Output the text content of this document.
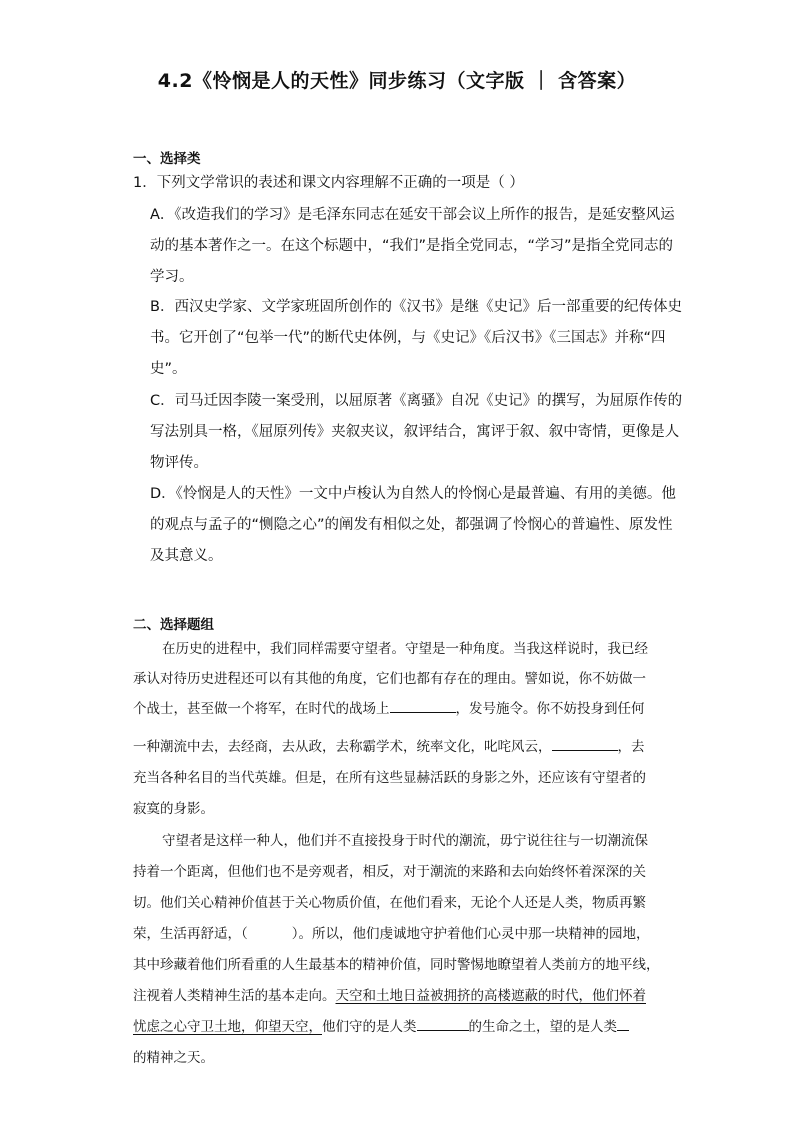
4.2《怜悯是人的天性》同步练习（文字版 ｜ 含答案）
一、选择类
1．下列文学常识的表述和课文内容理解不正确的一项是（ ）
A．《改造我们的学习》是毛泽东同志在延安干部会议上所作的报告，是延安整风运
动的基本著作之一。在这个标题中，“我们”是指全党同志，“学习”是指全党同志的
学习。
B．西汉史学家、文学家班固所创作的《汉书》是继《史记》后一部重要的纪传体史
书。它开创了“包举一代”的断代史体例，与《史记》《后汉书》《三国志》并称“四
史”。
C．司马迁因李陵一案受刑，以屈原著《离骚》自况《史记》的撰写，为屈原作传的
写法别具一格，《屈原列传》夹叙夹议，叙评结合，寓评于叙、叙中寄情，更像是人
物评传。
D．《怜悯是人的天性》一文中卢梭认为自然人的怜悯心是最普遍、有用的美德。他
的观点与孟子的“恻隐之心”的阐发有相似之处，都强调了怜悯心的普遍性、原发性
及其意义。
二、选择题组
在历史的进程中，我们同样需要守望者。守望是一种角度。当我这样说时，我已经
承认对待历史进程还可以有其他的角度，它们也都有存在的理由。譬如说，你不妨做一
个战士，甚至做一个将军，在时代的战场上	，发号施令。你不妨投身到任何
一种潮流中去，去经商，去从政，去称霸学术，统率文化，叱咤风云，	，去
充当各种名目的当代英雄。但是，在所有这些显赫活跃的身影之外，还应该有守望者的
寂寞的身影。
守望者是这样一种人，他们并不直接投身于时代的潮流，毋宁说往往与一切潮流保
持着一个距离，但他们也不是旁观者，相反，对于潮流的来路和去向始终怀着深深的关
切。他们关心精神价值甚于关心物质价值，在他们看来，无论个人还是人类，物质再繁
荣，生活再舒适，（	）。所以，他们虔诚地守护着他们心灵中那一块精神的园地，
其中珍藏着他们所看重的人生最基本的精神价值，同时警惕地瞭望着人类前方的地平线，
注视着人类精神生活的基本走向。天空和土地日益被拥挤的高楼遮蔽的时代，他们怀着
忧虑之心守卫土地，仰望天空，他们守的是人类	的生命之土，望的是人类
的精神之天。
